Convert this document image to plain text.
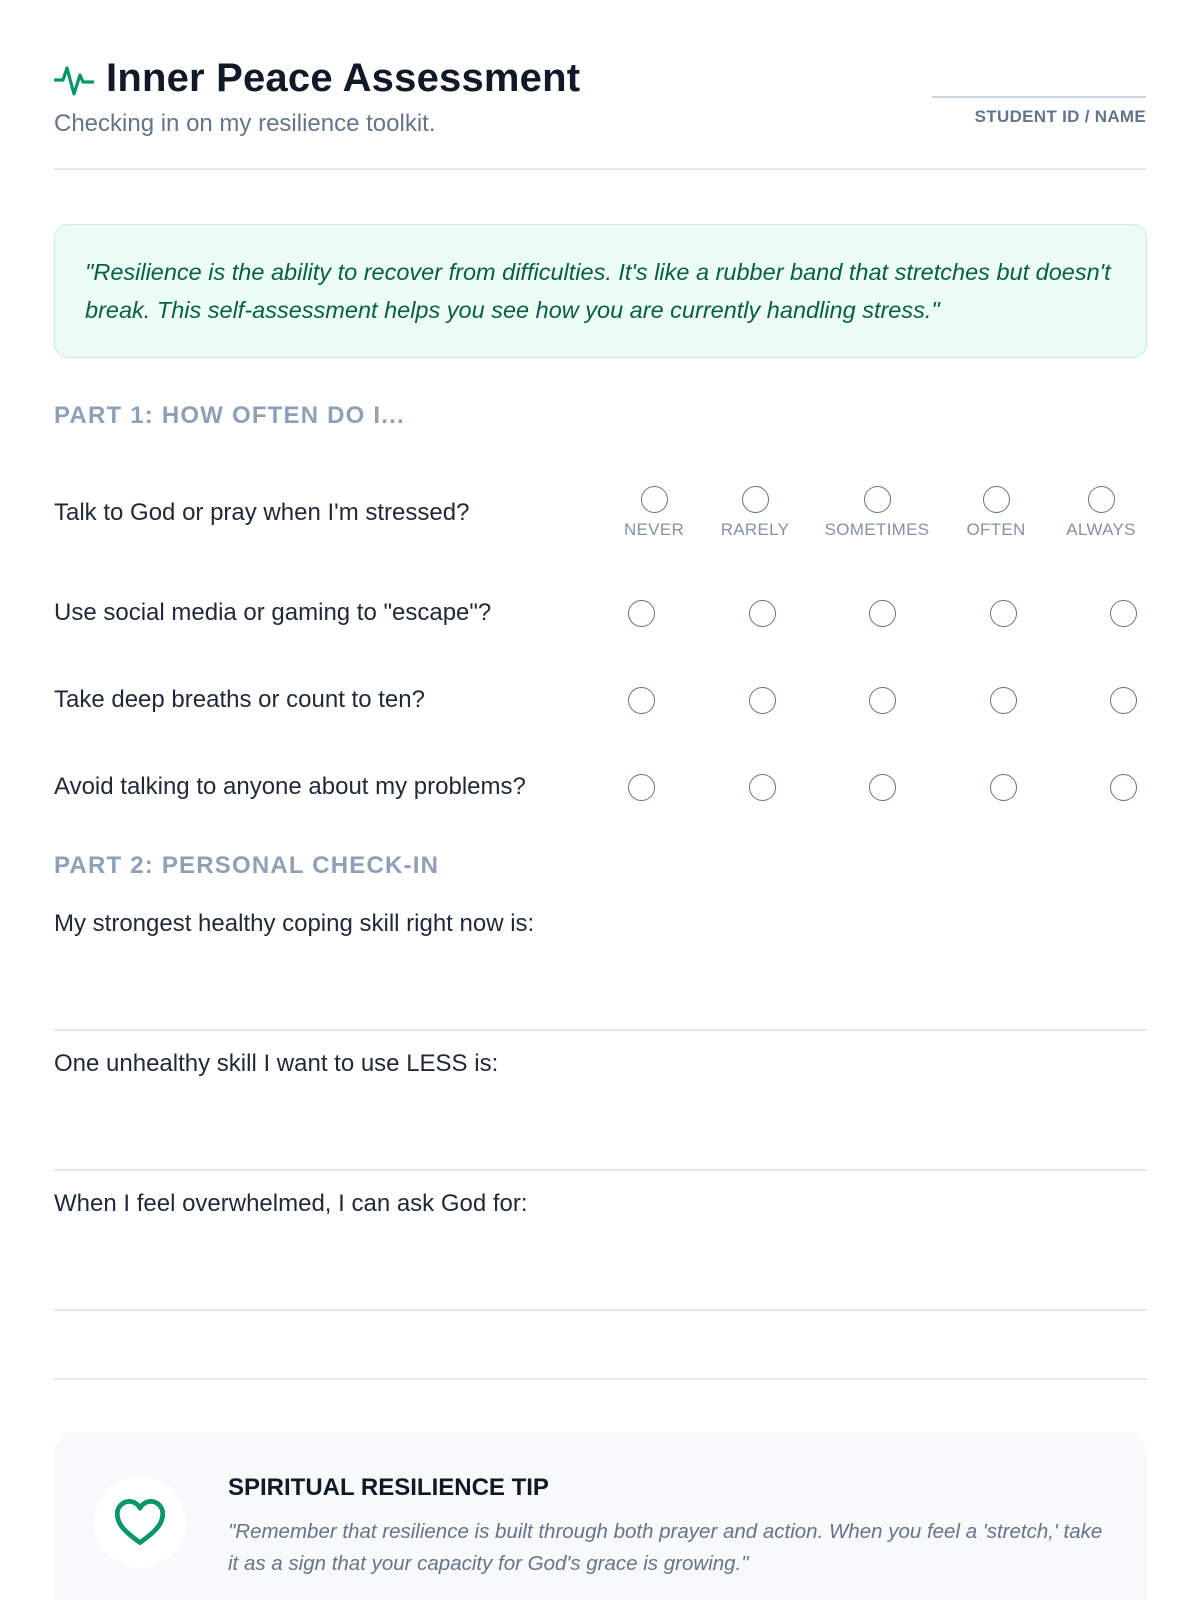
Inner Peace Assessment
Checking in on my resilience toolkit.	STUDENT ID / NAME
"Resilience is the ability to recover from difficulties. It's like a rubber band that stretches but doesn't break. This self-assessment helps you see how you are currently handling stress."
PART 1: HOW OFTEN DO I...
Talk to God or pray when I'm stressed?
NEVER RARELY SOMETIMES OFTEN ALWAYS
Use social media or gaming to "escape"?
Take deep breaths or count to ten?
Avoid talking to anyone about my problems?
PART 2: PERSONAL CHECK-IN
My strongest healthy coping skill right now is:
One unhealthy skill I want to use LESS is:
When I feel overwhelmed, I can ask God for:
SPIRITUAL RESILIENCE TIP
"Remember that resilience is built through both prayer and action. When you feel a 'stretch,' take it as a sign that your capacity for God's grace is growing."
